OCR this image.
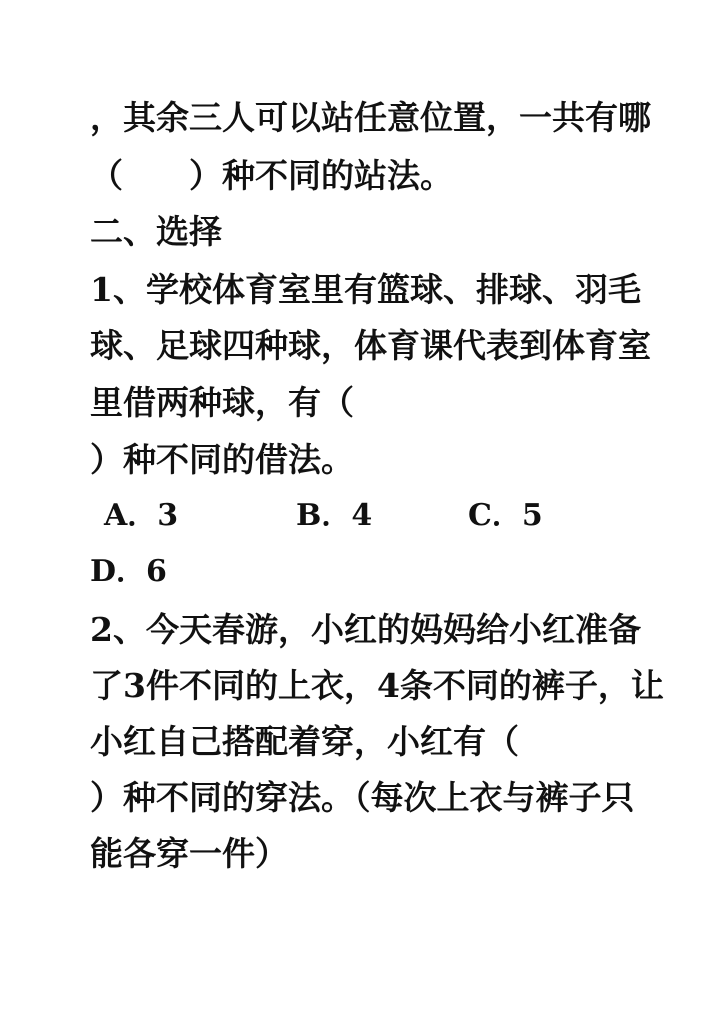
，其余三人可以站任意位置，一共有哪
（　　）种不同的站法。
二、选择
1、学校体育室里有篮球、排球、羽毛
球、足球四种球，体育课代表到体育室
里借两种球，有（
）种不同的借法。
A．3	B．4	C．5
D．6
2、今天春游，小红的妈妈给小红准备
了3件不同的上衣，4条不同的裤子，让
小红自己搭配着穿，小红有（
）种不同的穿法。（每次上衣与裤子只
能各穿一件）
